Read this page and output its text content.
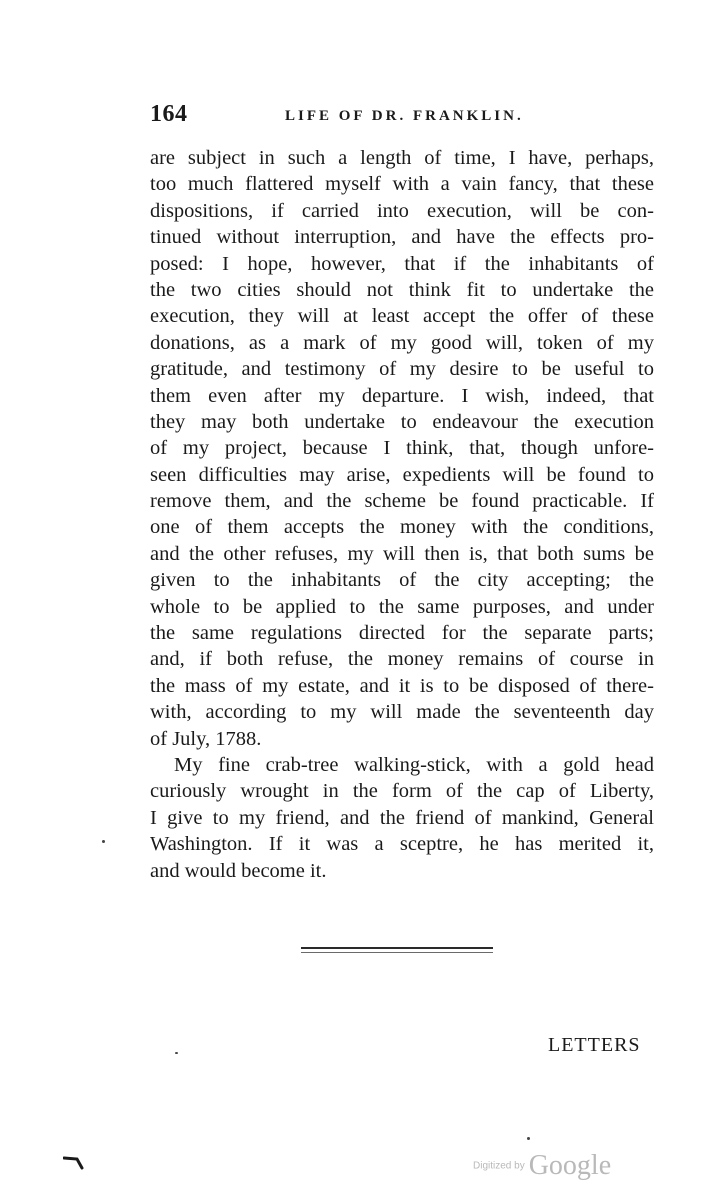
164	LIFE OF DR. FRANKLIN.
are subject in such a length of time, I have, perhaps,
too much flattered myself with a vain fancy, that these
dispositions, if carried into execution, will be con-
tinued without interruption, and have the effects pro-
posed: I hope, however, that if the inhabitants of
the two cities should not think fit to undertake the
execution, they will at least accept the offer of these
donations, as a mark of my good will, token of my
gratitude, and testimony of my desire to be useful to
them even after my departure. I wish, indeed, that
they may both undertake to endeavour the execution
of my project, because I think, that, though unfore-
seen difficulties may arise, expedients will be found to
remove them, and the scheme be found practicable. If
one of them accepts the money with the conditions,
and the other refuses, my will then is, that both sums be
given to the inhabitants of the city accepting; the
whole to be applied to the same purposes, and under
the same regulations directed for the separate parts;
and, if both refuse, the money remains of course in
the mass of my estate, and it is to be disposed of there-
with, according to my will made the seventeenth day
of July, 1788.
My fine crab-tree walking-stick, with a gold head
curiously wrought in the form of the cap of Liberty,
I give to my friend, and the friend of mankind, General
Washington. If it was a sceptre, he has merited it,
and would become it.
LETTERS
Digitized by Google
